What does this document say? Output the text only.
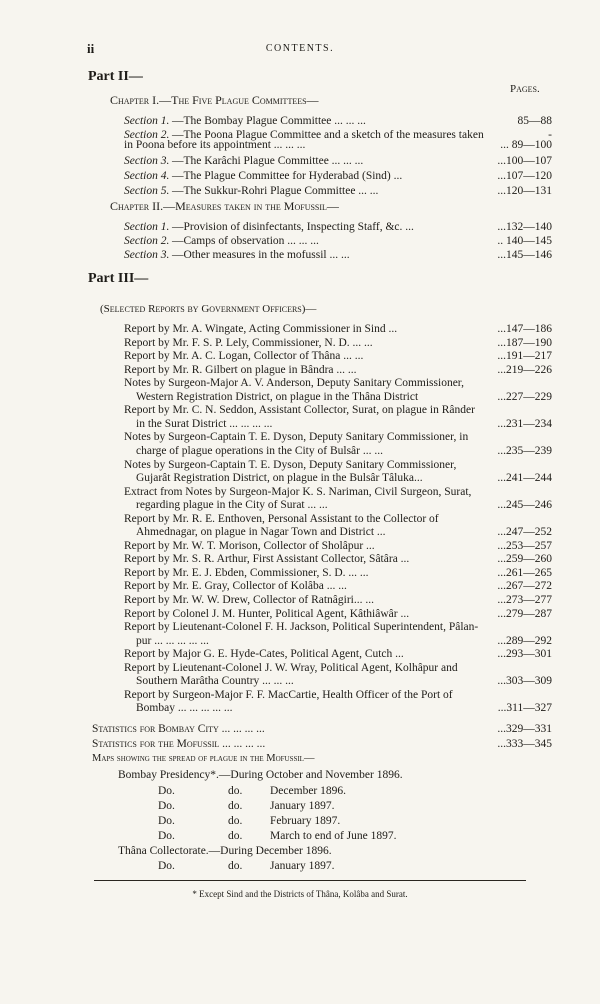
ii	CONTENTS.
Part II—
Pages.
Chapter I.—The Five Plague Committees—
Section 1. —The Bombay Plague Committee ... ... ...	85—88
Section 2. —The Poona Plague Committee and a sketch of the measures taken	-
in Poona before its appointment ... ... ...	... 89—100
Section 3. —The Karâchi Plague Committee ... ... ...	...100—107
Section 4. —The Plague Committee for Hyderabad (Sind) ...	...107—120
Section 5. —The Sukkur-Rohri Plague Committee ... ...	...120—131
Chapter II.—Measures taken in the Mofussil—
Section 1. —Provision of disinfectants, Inspecting Staff, &c. ...	...132—140
Section 2. —Camps of observation ... ... ...	.. 140—145
Section 3. —Other measures in the mofussil ... ...	...145—146
Part III—
(Selected Reports by Government Officers)—
Report by Mr. A. Wingate, Acting Commissioner in Sind ...	...147—186
Report by Mr. F. S. P. Lely, Commissioner, N. D. ... ...	...187—190
Report by Mr. A. C. Logan, Collector of Thâna ... ...	...191—217
Report by Mr. R. Gilbert on plague in Bândra ... ...	...219—226
Notes by Surgeon-Major A. V. Anderson, Deputy Sanitary Commissioner,
Western Registration District, on plague in the Thâna District	...227—229
Report by Mr. C. N. Seddon, Assistant Collector, Surat, on plague in Rânder
in the Surat District ... ... ... ...	...231—234
Notes by Surgeon-Captain T. E. Dyson, Deputy Sanitary Commissioner, in
charge of plague operations in the City of Bulsâr ... ...	...235—239
Notes by Surgeon-Captain T. E. Dyson, Deputy Sanitary Commissioner,
Gujarât Registration District, on plague in the Bulsâr Tâluka...	...241—244
Extract from Notes by Surgeon-Major K. S. Nariman, Civil Surgeon, Surat,
regarding plague in the City of Surat ... ...	...245—246
Report by Mr. R. E. Enthoven, Personal Assistant to the Collector of
Ahmednagar, on plague in Nagar Town and District ...	...247—252
Report by Mr. W. T. Morison, Collector of Sholâpur ...	...253—257
Report by Mr. S. R. Arthur, First Assistant Collector, Sâtâra ...	...259—260
Report by Mr. E. J. Ebden, Commissioner, S. D. ... ...	...261—265
Report by Mr. E. Gray, Collector of Kolâba ... ...	...267—272
Report by Mr. W. W. Drew, Collector of Ratnâgiri... ...	...273—277
Report by Colonel J. M. Hunter, Political Agent, Kâthiâwâr ...	...279—287
Report by Lieutenant-Colonel F. H. Jackson, Political Superintendent, Pâlan-
pur ... ... ... ... ...	...289—292
Report by Major G. E. Hyde-Cates, Political Agent, Cutch ...	...293—301
Report by Lieutenant-Colonel J. W. Wray, Political Agent, Kolhâpur and
Southern Marâtha Country ... ... ...	...303—309
Report by Surgeon-Major F. F. MacCartie, Health Officer of the Port of
Bombay ... ... ... ... ...	...311—327
Statistics for Bombay City ... ... ... ...	...329—331
Statistics for the Mofussil ... ... ... ...	...333—345
Maps showing the spread of plague in the Mofussil—
Bombay Presidency*.—During October and November 1896.
Do.	do. December 1896.
Do.	do. January 1897.
Do.	do. February 1897.
Do.	do. March to end of June 1897.
Thâna Collectorate.—During December 1896.
Do.	do. January 1897.
* Except Sind and the Districts of Thâna, Kolâba and Surat.
